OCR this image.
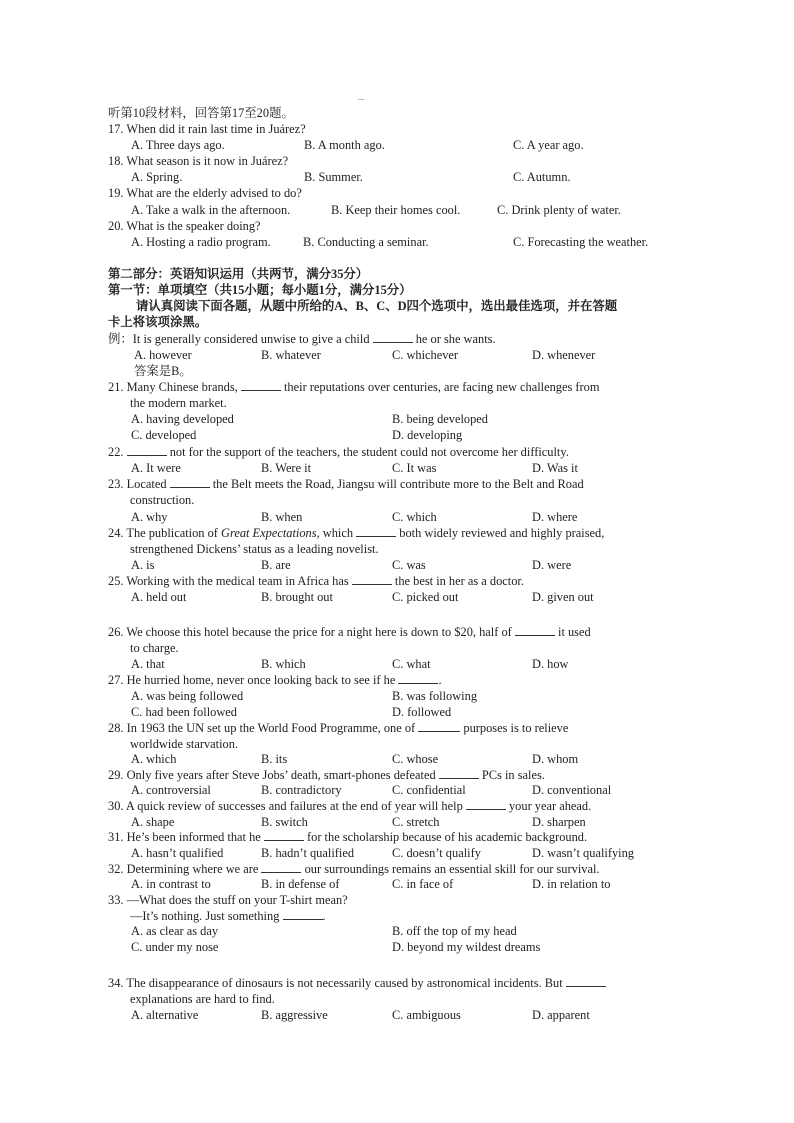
听第10段材料，回答第17至20题。
17. When did it rain last time in Juárez?
A. Three days ago.	B. A month ago.	C. A year ago.
18. What season is it now in Juárez?
A. Spring.	B. Summer.	C. Autumn.
19. What are the elderly advised to do?
A. Take a walk in the afternoon.	B. Keep their homes cool.	C. Drink plenty of water.
20. What is the speaker doing?
A. Hosting a radio program.	B. Conducting a seminar.	C. Forecasting the weather.
第二部分：英语知识运用（共两节，满分35分）
第一节：单项填空（共15小题；每小题1分，满分15分）
请认真阅读下面各题，从题中所给的A、B、C、D四个选项中，选出最佳选项，并在答题
卡上将该项涂黑。
例：It is generally considered unwise to give a child	he or she wants.
A. however	B. whatever	C. whichever	D. whenever
答案是B。
21. Many Chinese brands,	their reputations over centuries, are facing new challenges from
the modern market.
A. having developed	B. being developed
C. developed	D. developing
22.	not for the support of the teachers, the student could not overcome her difficulty.
A. It were	B. Were it	C. It was	D. Was it
23. Located	the Belt meets the Road, Jiangsu will contribute more to the Belt and Road
construction.
A. why	B. when	C. which	D. where
24. The publication of Great Expectations, which	both widely reviewed and highly praised,
strengthened Dickens’ status as a leading novelist.
A. is	B. are	C. was	D. were
25. Working with the medical team in Africa has	the best in her as a doctor.
A. held out	B. brought out	C. picked out	D. given out
26. We choose this hotel because the price for a night here is down to $20, half of	it used
to charge.
A. that	B. which	C. what	D. how
27. He hurried home, never once looking back to see if he	.
A. was being followed	B. was following
C. had been followed	D. followed
28. In 1963 the UN set up the World Food Programme, one of	purposes is to relieve
worldwide starvation.
A. which	B. its	C. whose	D. whom
29. Only five years after Steve Jobs’ death, smart-phones defeated	PCs in sales.
A. controversial	B. contradictory	C. confidential	D. conventional
30. A quick review of successes and failures at the end of year will help	your year ahead.
A. shape	B. switch	C. stretch	D. sharpen
31. He’s been informed that he	for the scholarship because of his academic background.
A. hasn’t qualified	B. hadn’t qualified	C. doesn’t qualify	D. wasn’t qualifying
32. Determining where we are	our surroundings remains an essential skill for our survival.
A. in contrast to	B. in defense of	C. in face of	D. in relation to
33. —What does the stuff on your T-shirt mean?
—It’s nothing. Just something	.
A. as clear as day	B. off the top of my head
C. under my nose	D. beyond my wildest dreams
34. The disappearance of dinosaurs is not necessarily caused by astronomical incidents. But
explanations are hard to find.
A. alternative	B. aggressive	C. ambiguous	D. apparent
